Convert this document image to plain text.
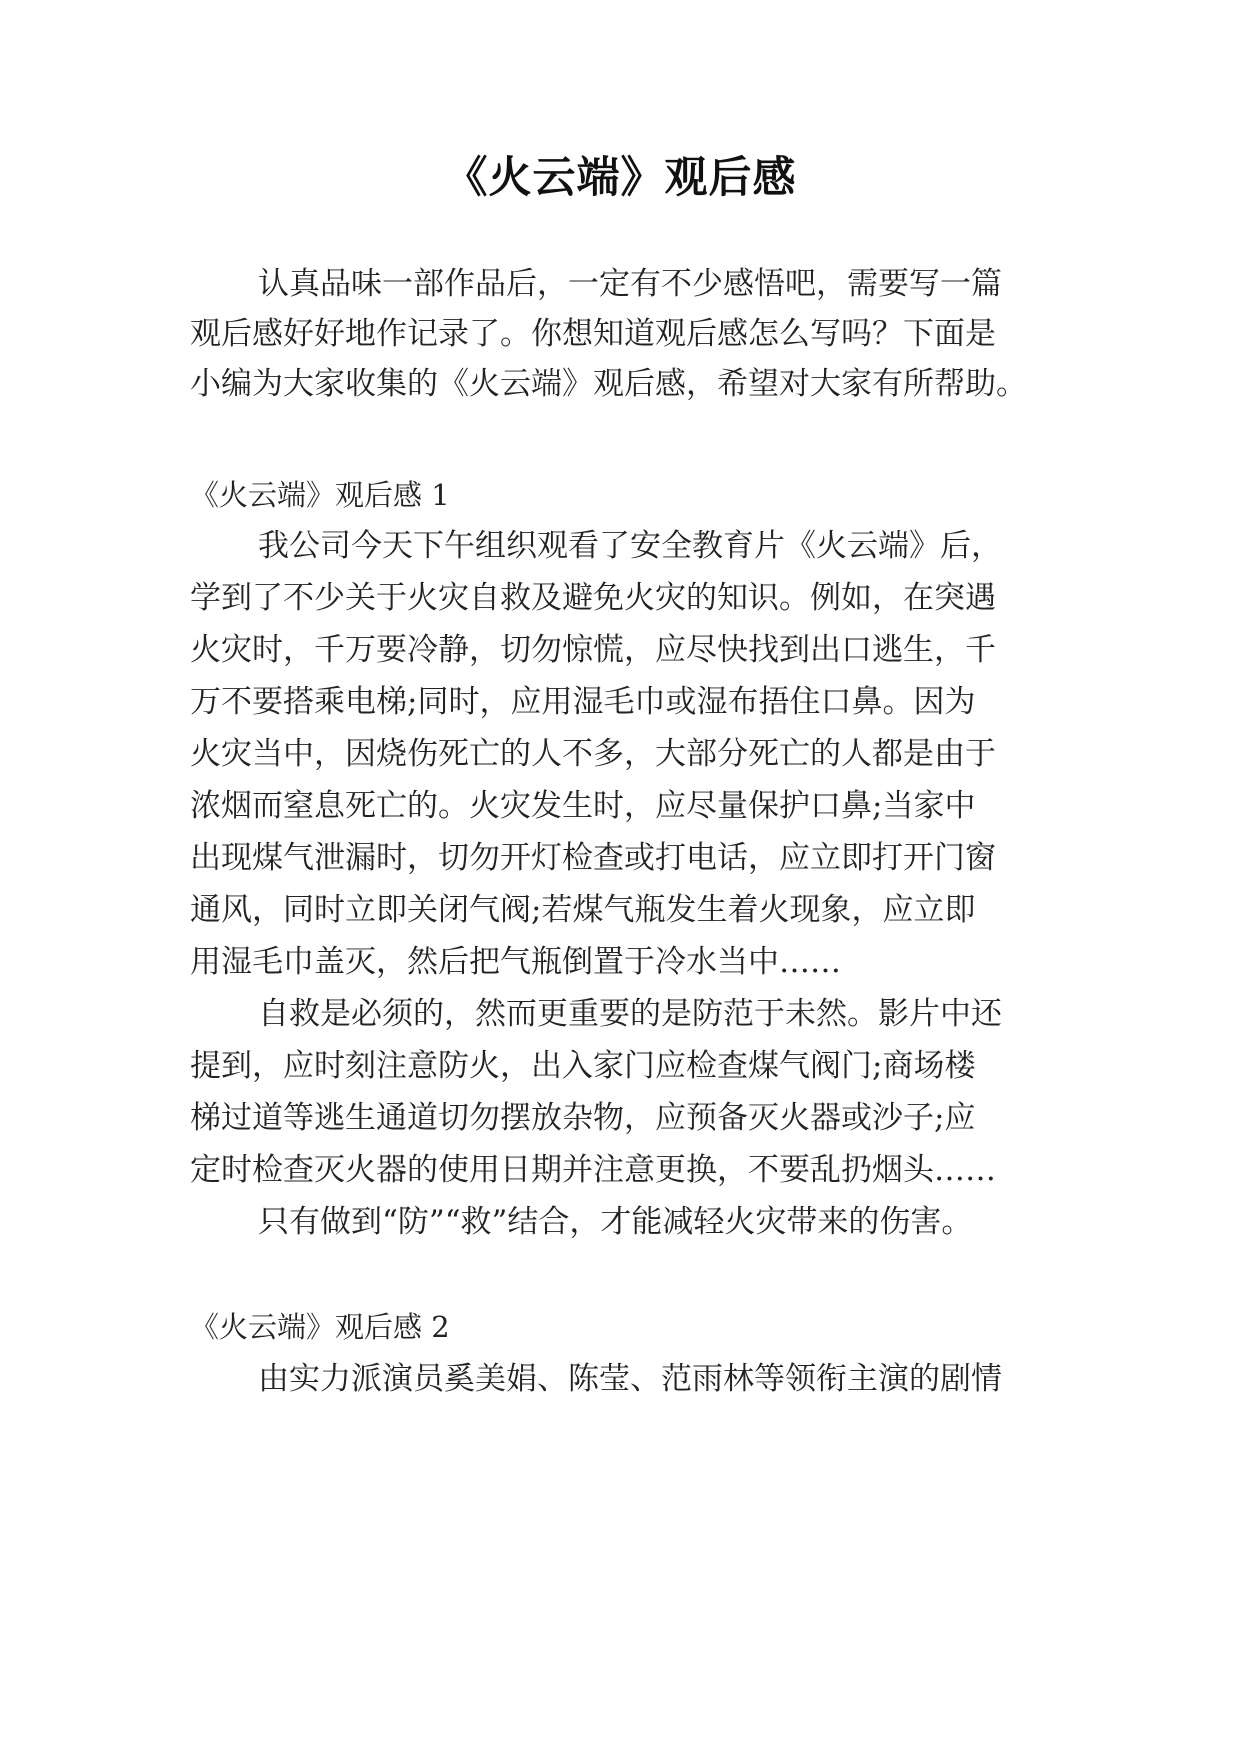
《火云端》观后感
认真品味一部作品后，一定有不少感悟吧，需要写一篇
观后感好好地作记录了。你想知道观后感怎么写吗？下面是
小编为大家收集的《火云端》观后感，希望对大家有所帮助。
《火云端》观后感 1
我公司今天下午组织观看了安全教育片《火云端》后，
学到了不少关于火灾自救及避免火灾的知识。例如，在突遇
火灾时，千万要冷静，切勿惊慌，应尽快找到出口逃生，千
万不要搭乘电梯;同时，应用湿毛巾或湿布捂住口鼻。因为
火灾当中，因烧伤死亡的人不多，大部分死亡的人都是由于
浓烟而窒息死亡的。火灾发生时，应尽量保护口鼻;当家中
出现煤气泄漏时，切勿开灯检查或打电话，应立即打开门窗
通风，同时立即关闭气阀;若煤气瓶发生着火现象，应立即
用湿毛巾盖灭，然后把气瓶倒置于冷水当中……
自救是必须的，然而更重要的是防范于未然。影片中还
提到，应时刻注意防火，出入家门应检查煤气阀门;商场楼
梯过道等逃生通道切勿摆放杂物，应预备灭火器或沙子;应
定时检查灭火器的使用日期并注意更换，不要乱扔烟头……
只有做到“防”“救”结合，才能减轻火灾带来的伤害。
《火云端》观后感 2
由实力派演员奚美娟、陈莹、范雨林等领衔主演的剧情
